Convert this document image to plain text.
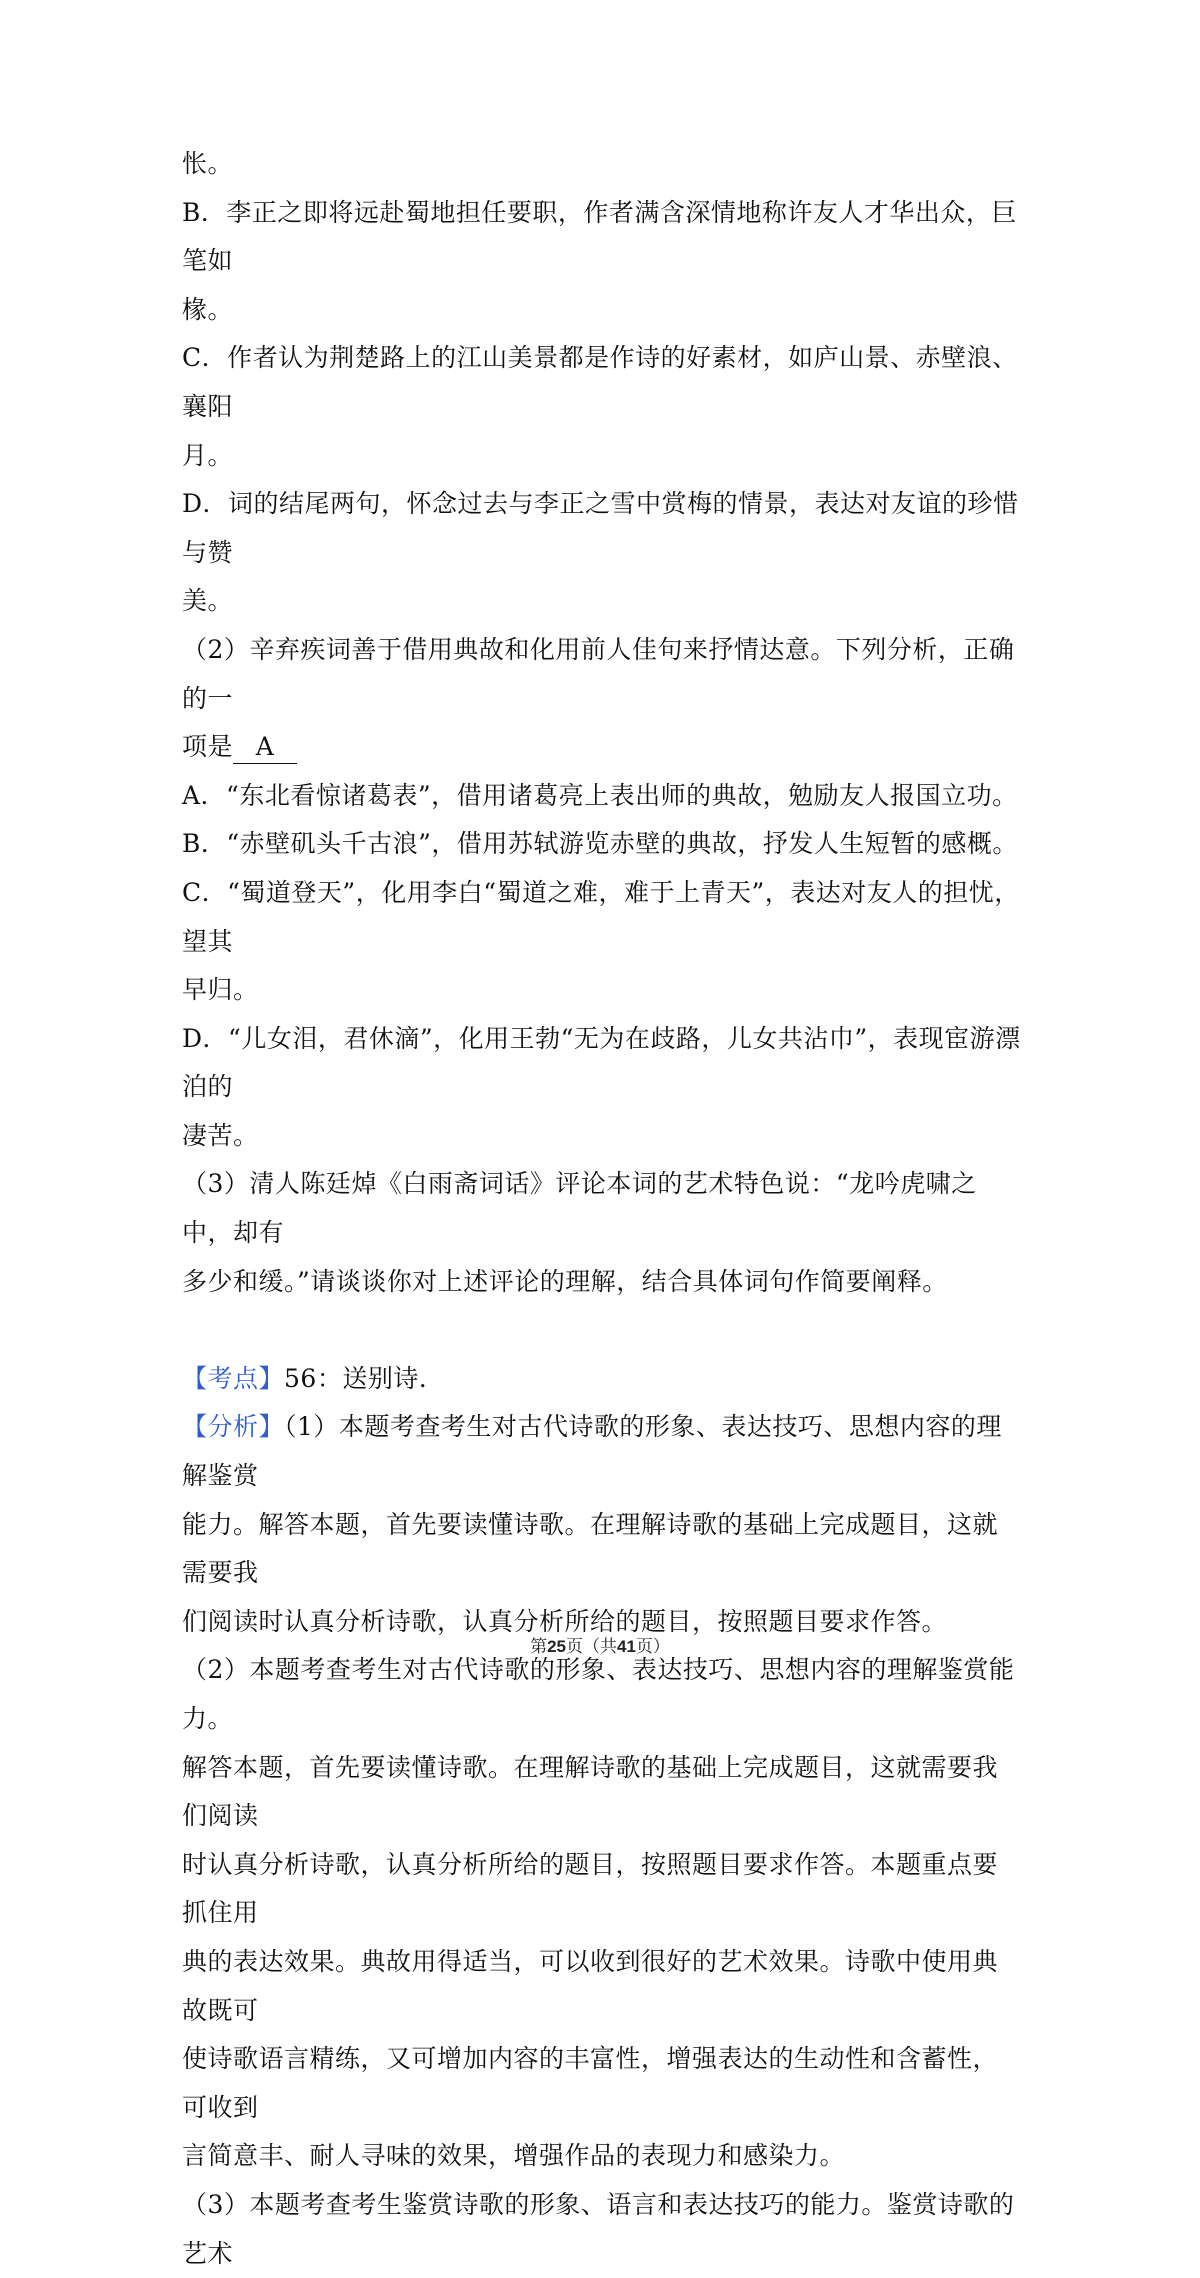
怅。

B．李正之即将远赴蜀地担任要职，作者满含深情地称许友人才华出众，巨笔如

椽。

C．作者认为荆楚路上的江山美景都是作诗的好素材，如庐山景、赤壁浪、襄阳

月。

D．词的结尾两句，怀念过去与李正之雪中赏梅的情景，表达对友谊的珍惜与赞

美。

（2）辛弃疾词善于借用典故和化用前人佳句来抒情达意。下列分析，正确的一

项是 A

A．“东北看惊诸葛表”，借用诸葛亮上表出师的典故，勉励友人报国立功。

B．“赤壁矶头千古浪”，借用苏轼游览赤壁的典故，抒发人生短暂的感概。

C．“蜀道登天”，化用李白“蜀道之难，难于上青天”，表达对友人的担忧，望其

早归。

D．“儿女泪，君休滴”，化用王勃“无为在歧路，儿女共沾巾”，表现宦游漂泊的

凄苦。

（3）清人陈廷焯《白雨斋词话》评论本词的艺术特色说：“龙吟虎啸之中，却有

多少和缓。”请谈谈你对上述评论的理解，结合具体词句作简要阐释。

【考点】56：送别诗．

【分析】（1）本题考查考生对古代诗歌的形象、表达技巧、思想内容的理解鉴赏

能力。解答本题，首先要读懂诗歌。在理解诗歌的基础上完成题目，这就需要我

们阅读时认真分析诗歌，认真分析所给的题目，按照题目要求作答。

（2）本题考查考生对古代诗歌的形象、表达技巧、思想内容的理解鉴赏能力。

解答本题，首先要读懂诗歌。在理解诗歌的基础上完成题目，这就需要我们阅读

时认真分析诗歌，认真分析所给的题目，按照题目要求作答。本题重点要抓住用

典的表达效果。典故用得适当，可以收到很好的艺术效果。诗歌中使用典故既可

使诗歌语言精练，又可增加内容的丰富性，增强表达的生动性和含蓄性，可收到

言简意丰、耐人寻味的效果，增强作品的表现力和感染力。

（3）本题考查考生鉴赏诗歌的形象、语言和表达技巧的能力。鉴赏诗歌的艺术

第25页（共41页）
